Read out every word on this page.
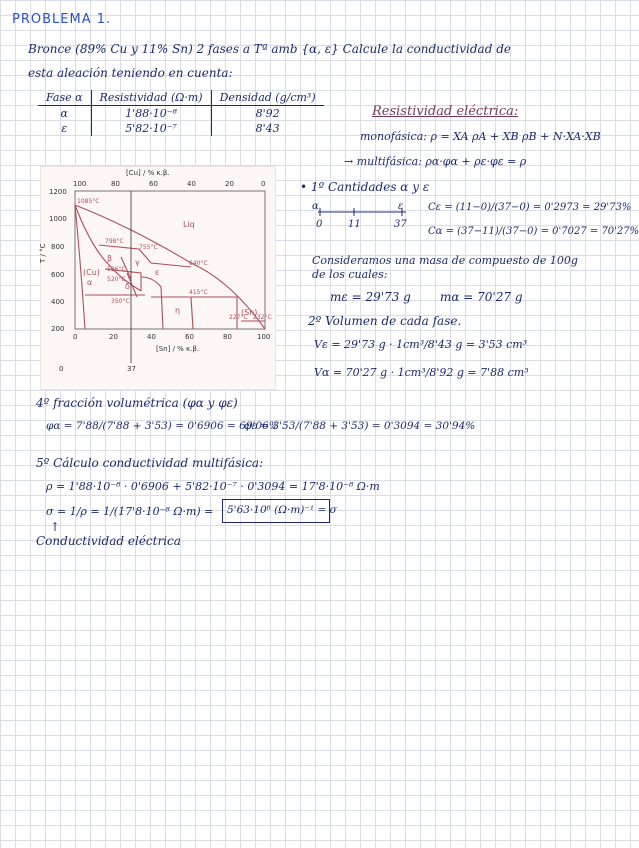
PROBLEMA 1.
Bronce (89% Cu y 11% Sn) 2 fases a Tª amb {α, ε} Calcule la conductividad de
esta aleación teniendo en cuenta:
Fase α	Resistividad (Ω·m)	Densidad (g/cm³)
α	1'88·10⁻⁸	8'92
ε	5'82·10⁻⁷	8'43
Resistividad eléctrica:
monofásica: ρ = XA ρA + XB ρB + N·XA·XB
→ multifásica: ρα·φα + ρε·φε = ρ
[Cu] / % κ.β.
100	80	60	40	20	0
1200
1000
800
600
400
200
T / °C
0	20	40	60	80	100
[Sn] / % κ.β.
0	37
1085°C
798°C
755°C
640°C
586°C
520°C
415°C
350°C
227°C 232°C
Liq
(Cu)
α
β	γ
δ
ε
η	(Sn)
• 1º Cantidades α y ε
α	ε
0	11	37
Cε = (11−0)/(37−0) = 0'2973 = 29'73%
Cα = (37−11)/(37−0) = 0'7027 = 70'27%
Consideramos una masa de compuesto de 100g
de los cuales:
mε = 29'73 g mα = 70'27 g
2º Volumen de cada fase.
Vε = 29'73 g · 1cm³/8'43 g = 3'53 cm³
Vα = 70'27 g · 1cm³/8'92 g = 7'88 cm³
4º fracción volumétrica (φα y φε)
φα = 7'88/(7'88 + 3'53) = 0'6906 = 69'06%
φε = 3'53/(7'88 + 3'53) = 0'3094 = 30'94%
5º Cálculo conductividad multifásica:
ρ = 1'88·10⁻⁸ · 0'6906 + 5'82·10⁻⁷ · 0'3094 = 17'8·10⁻⁸ Ω·m
σ = 1/ρ = 1/(17'8·10⁻⁸ Ω·m) = 5'63·10⁶ (Ω·m)⁻¹ = σ
↑
Conductividad eléctrica
